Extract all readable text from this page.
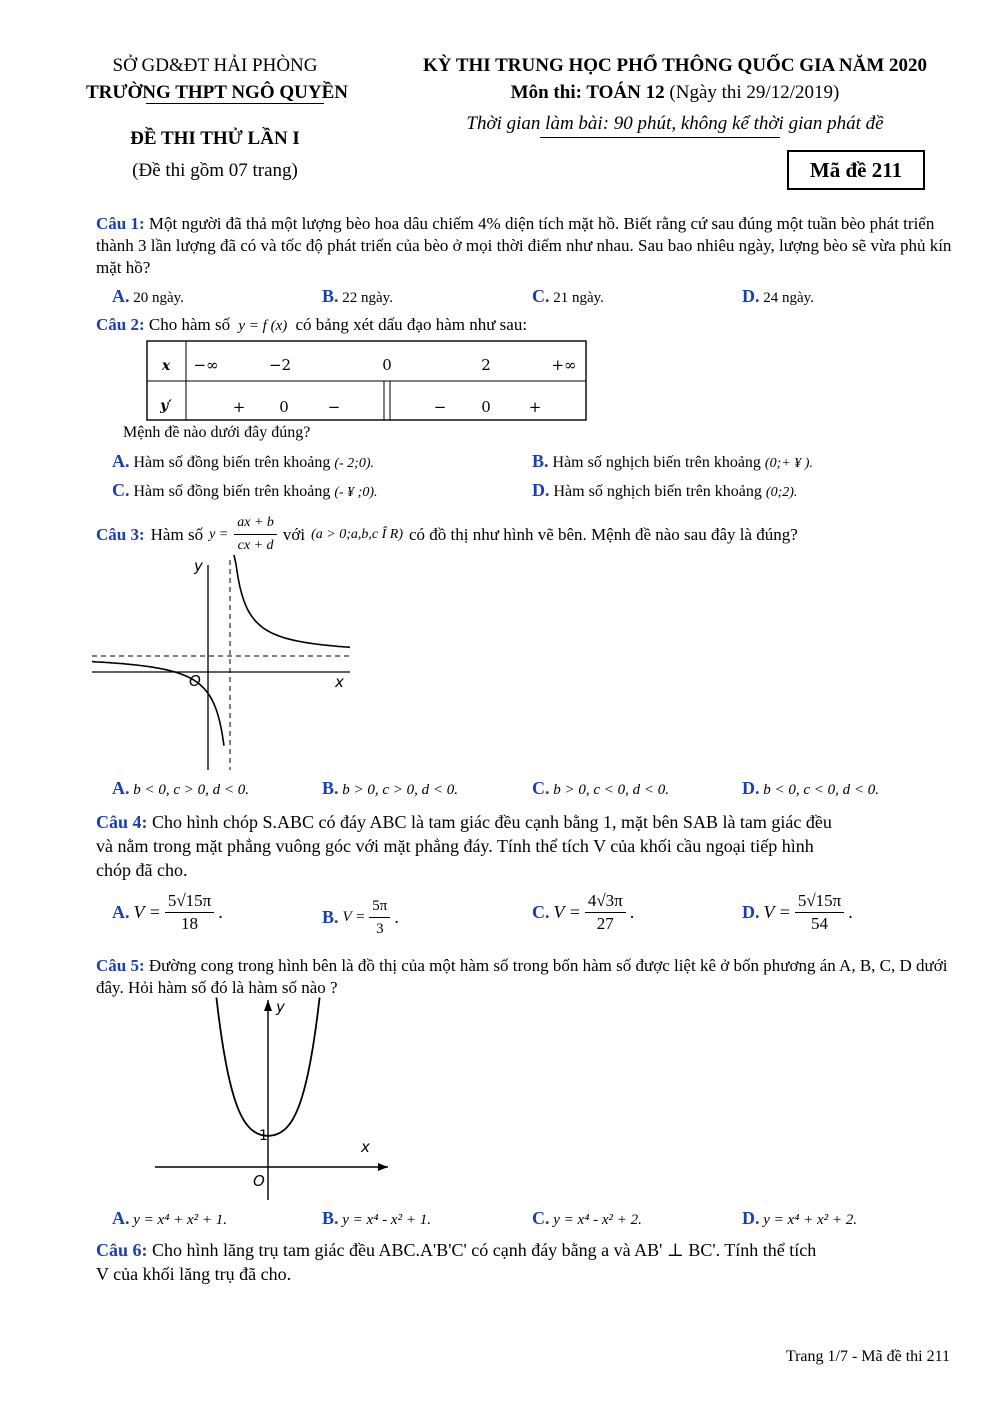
SỞ GD&ĐT HẢI PHÒNG
TRƯỜNG THPT NGÔ QUYỀN
ĐỀ THI THỬ LẦN I
(Đề thi gồm 07 trang)
KỲ THI TRUNG HỌC PHỔ THÔNG QUỐC GIA NĂM 2020
Môn thi: TOÁN 12 (Ngày thi 29/12/2019)
Thời gian làm bài: 90 phút, không kể thời gian phát đề
Mã đề 211
Câu 1: Một người đã thả một lượng bèo hoa dâu chiếm 4% diện tích mặt hồ. Biết rằng cứ sau đúng một tuần bèo phát triển thành 3 lần lượng đã có và tốc độ phát triển của bèo ở mọi thời điểm như nhau. Sau bao nhiêu ngày, lượng bèo sẽ vừa phủ kín mặt hồ?
A. 20 ngày.	B. 22 ngày.	C. 21 ngày.	D. 24 ngày.
Câu 2: Cho hàm số y = f (x) có bảng xét dấu đạo hàm như sau:
x −∞	−2	0	2	+∞
y′	+ 0	−	− 0	+
Mệnh đề nào dưới đây đúng?
A. Hàm số đồng biến trên khoảng (- 2;0).	B. Hàm số nghịch biến trên khoảng (0;+ ¥ ).
C. Hàm số đồng biến trên khoảng (- ¥ ;0).	D. Hàm số nghịch biến trên khoảng (0;2).
Câu 3: Hàm số $y = \frac{ax + b}{cx + d}$ với (a > 0;a,b,c Î R) có đồ thị như hình vẽ bên. Mệnh đề nào sau đây là đúng?
y
x
O
A. b < 0, c > 0, d < 0.	B. b > 0, c > 0, d < 0.	C. b > 0, c < 0, d < 0.	D. b < 0, c < 0, d < 0.
Câu 4: Cho hình chóp S.ABC có đáy ABC là tam giác đều cạnh bằng 1, mặt bên SAB là tam giác đều
và nằm trong mặt phẳng vuông góc với mặt phẳng đáy. Tính thể tích V của khối cầu ngoại tiếp hình
chóp đã cho.
A. $V = \frac{5√15\pi}{18}$ .	B. $V = \frac{5\pi}{3}$ .	C. $V = \frac{4√3\pi}{27}$ .	D. $V = \frac{5√15\pi}{54}$ .
Câu 5: Đường cong trong hình bên là đồ thị của một hàm số trong bốn hàm số được liệt kê ở bốn phương án A, B, C, D dưới đây. Hỏi hàm số đó là hàm số nào ?
y
x
O
1
A. y = x⁴ + x² + 1.	B. y = x⁴ - x² + 1.	C. y = x⁴ - x² + 2.	D. y = x⁴ + x² + 2.
Câu 6: Cho hình lăng trụ tam giác đều ABC.A'B'C' có cạnh đáy bằng a và AB' ⊥ BC'. Tính thể tích
V của khối lăng trụ đã cho.
Trang 1/7 - Mã đề thi 211
